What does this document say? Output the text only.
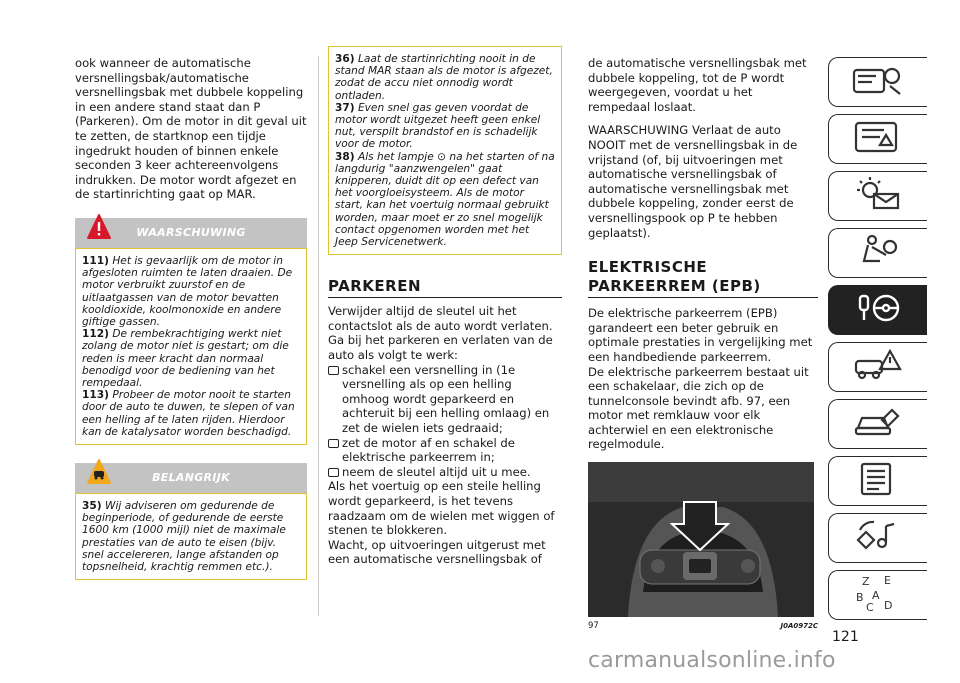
ook wanneer de automatische versnellingsbak/automatische versnellingsbak met dubbele koppeling in een andere stand staat dan P (Parkeren). Om de motor in dit geval uit te zetten, de startknop een tijdje ingedrukt houden of binnen enkele seconden 3 keer achtereenvolgens indrukken. De motor wordt afgezet en de startinrichting gaat op MAR.

WAARSCHUWING
111) Het is gevaarlijk om de motor in afgesloten ruimten te laten draaien. De motor verbruikt zuurstof en de uitlaatgassen van de motor bevatten kooldioxide, koolmonoxide en andere giftige gassen.
112) De rembekrachtiging werkt niet zolang de motor niet is gestart; om die reden is meer kracht dan normaal benodigd voor de bediening van het rempedaal.
113) Probeer de motor nooit te starten door de auto te duwen, te slepen of van een helling af te laten rijden. Hierdoor kan de katalysator worden beschadigd.
BELANGRIJK
35) Wij adviseren om gedurende de beginperiode, of gedurende de eerste 1600 km (1000 mijl) niet de maximale prestaties van de auto te eisen (bijv. snel accelereren, lange afstanden op topsnelheid, krachtig remmen etc.).
36) Laat de startinrichting nooit in de stand MAR staan als de motor is afgezet, zodat de accu niet onnodig wordt ontladen.
37) Even snel gas geven voordat de motor wordt uitgezet heeft geen enkel nut, verspilt brandstof en is schadelijk voor de motor.
38) Als het lampje ⊙ na het starten of na langdurig "aanzwengelen" gaat knipperen, duidt dit op een defect van het voorgloeisysteem. Als de motor start, kan het voertuig normaal gebruikt worden, maar moet er zo snel mogelijk contact opgenomen worden met het Jeep Servicenetwerk.
PARKEREN

Verwijder altijd de sleutel uit het contactslot als de auto wordt verlaten. Ga bij het parkeren en verlaten van de auto als volgt te werk:

schakel een versnelling in (1e versnelling als op een helling omhoog wordt geparkeerd en achteruit bij een helling omlaag) en zet de wielen iets gedraaid;
zet de motor af en schakel de elektrische parkeerrem in;
neem de sleutel altijd uit u mee.

Als het voertuig op een steile helling wordt geparkeerd, is het tevens raadzaam om de wielen met wiggen of stenen te blokkeren.

Wacht, op uitvoeringen uitgerust met een automatische versnellingsbak of

de automatische versnellingsbak met dubbele koppeling, tot de P wordt weergegeven, voordat u het rempedaal loslaat.

WAARSCHUWING Verlaat de auto NOOIT met de versnellingsbak in de vrijstand (of, bij uitvoeringen met automatische versnellingsbak of automatische versnellingsbak met dubbele koppeling, zonder eerst de versnellingspook op P te hebben geplaatst).

ELEKTRISCHE
PARKEERREM (EPB)

De elektrische parkeerrem (EPB) garandeert een beter gebruik en optimale prestaties in vergelijking met een handbediende parkeerrem.

De elektrische parkeerrem bestaat uit een schakelaar, die zich op de tunnelconsole bevindt afb. 97, een motor met remklauw voor elk achterwiel en een elektronische regelmodule.

97	J0A0972C
Z E
B A
C D
121
carmanualsonline.info
